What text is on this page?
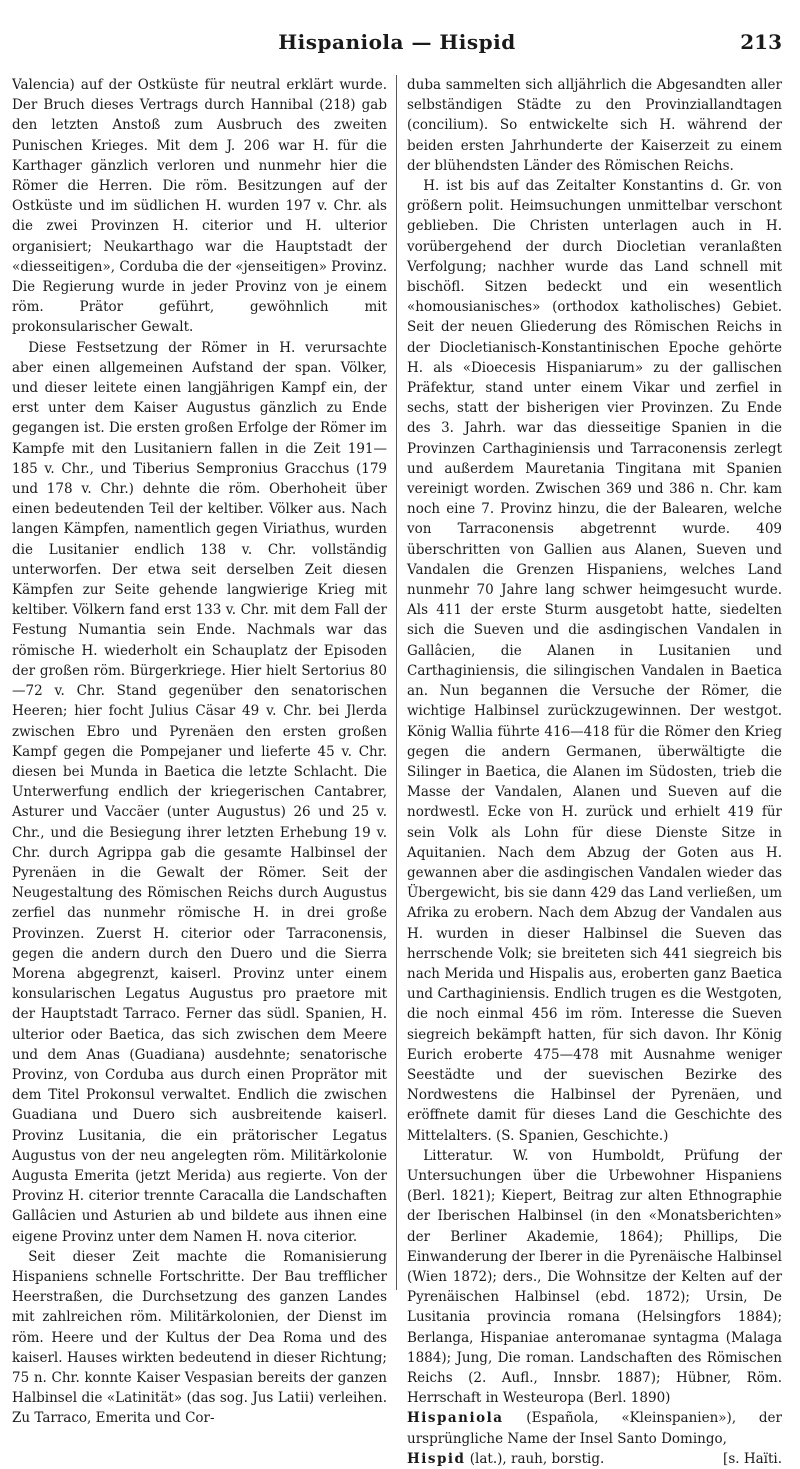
Hispaniola — Hispid	213

Valencia) auf der Ostküste für neutral erklärt wurde. Der Bruch dieses Vertrags durch Hannibal (218) gab den letzten Anstoß zum Ausbruch des zweiten Punischen Krieges. Mit dem J. 206 war H. für die Karthager gänzlich verloren und nunmehr hier die Römer die Herren. Die röm. Besitzungen auf der Ostküste und im südlichen H. wurden 197 v. Chr. als die zwei Provinzen H. citerior und H. ulterior organisiert; Neukarthago war die Hauptstadt der «diesseitigen», Corduba die der «jenseitigen» Provinz. Die Regierung wurde in jeder Provinz von je einem röm. Prätor geführt, gewöhnlich mit prokonsularischer Gewalt.

Diese Festsetzung der Römer in H. verursachte aber einen allgemeinen Aufstand der span. Völker, und dieser leitete einen langjährigen Kampf ein, der erst unter dem Kaiser Augustus gänzlich zu Ende gegangen ist. Die ersten großen Erfolge der Römer im Kampfe mit den Lusitaniern fallen in die Zeit 191—185 v. Chr., und Tiberius Sempronius Gracchus (179 und 178 v. Chr.) dehnte die röm. Oberhoheit über einen bedeutenden Teil der keltiber. Völker aus. Nach langen Kämpfen, namentlich gegen Viriathus, wurden die Lusitanier endlich 138 v. Chr. vollständig unterworfen. Der etwa seit derselben Zeit diesen Kämpfen zur Seite gehende langwierige Krieg mit keltiber. Völkern fand erst 133 v. Chr. mit dem Fall der Festung Numantia sein Ende. Nachmals war das römische H. wiederholt ein Schauplatz der Episoden der großen röm. Bürgerkriege. Hier hielt Sertorius 80—72 v. Chr. Stand gegenüber den senatorischen Heeren; hier focht Julius Cäsar 49 v. Chr. bei Jlerda zwischen Ebro und Pyrenäen den ersten großen Kampf gegen die Pompejaner und lieferte 45 v. Chr. diesen bei Munda in Baetica die letzte Schlacht. Die Unterwerfung endlich der kriegerischen Cantabrer, Asturer und Vaccäer (unter Augustus) 26 und 25 v. Chr., und die Besiegung ihrer letzten Erhebung 19 v. Chr. durch Agrippa gab die gesamte Halbinsel der Pyrenäen in die Gewalt der Römer. Seit der Neugestaltung des Römischen Reichs durch Augustus zerfiel das nunmehr römische H. in drei große Provinzen. Zuerst H. citerior oder Tarraconensis, gegen die andern durch den Duero und die Sierra Morena abgegrenzt, kaiserl. Provinz unter einem konsularischen Legatus Augustus pro praetore mit der Hauptstadt Tarraco. Ferner das südl. Spanien, H. ulterior oder Baetica, das sich zwischen dem Meere und dem Anas (Guadiana) ausdehnte; senatorische Provinz, von Corduba aus durch einen Proprätor mit dem Titel Prokonsul verwaltet. Endlich die zwischen Guadiana und Duero sich ausbreitende kaiserl. Provinz Lusitania, die ein prätorischer Legatus Augustus von der neu angelegten röm. Militärkolonie Augusta Emerita (jetzt Merida) aus regierte. Von der Provinz H. citerior trennte Caracalla die Landschaften Gallâcien und Asturien ab und bildete aus ihnen eine eigene Provinz unter dem Namen H. nova citerior.

Seit dieser Zeit machte die Romanisierung Hispaniens schnelle Fortschritte. Der Bau trefflicher Heerstraßen, die Durchsetzung des ganzen Landes mit zahlreichen röm. Militärkolonien, der Dienst im röm. Heere und der Kultus der Dea Roma und des kaiserl. Hauses wirkten bedeutend in dieser Richtung; 75 n. Chr. konnte Kaiser Vespasian bereits der ganzen Halbinsel die «Latinität» (das sog. Jus Latii) verleihen. Zu Tarraco, Emerita und Cor-

duba sammelten sich alljährlich die Abgesandten aller selbständigen Städte zu den Provinziallandtagen (concilium). So entwickelte sich H. während der beiden ersten Jahrhunderte der Kaiserzeit zu einem der blühendsten Länder des Römischen Reichs.

H. ist bis auf das Zeitalter Konstantins d. Gr. von größern polit. Heimsuchungen unmittelbar verschont geblieben. Die Christen unterlagen auch in H. vorübergehend der durch Diocletian veranlaßten Verfolgung; nachher wurde das Land schnell mit bischöfl. Sitzen bedeckt und ein wesentlich «homousianisches» (orthodox katholisches) Gebiet. Seit der neuen Gliederung des Römischen Reichs in der Diocletianisch-Konstantinischen Epoche gehörte H. als «Dioecesis Hispaniarum» zu der gallischen Präfektur, stand unter einem Vikar und zerfiel in sechs, statt der bisherigen vier Provinzen. Zu Ende des 3. Jahrh. war das diesseitige Spanien in die Provinzen Carthaginiensis und Tarraconensis zerlegt und außerdem Mauretania Tingitana mit Spanien vereinigt worden. Zwischen 369 und 386 n. Chr. kam noch eine 7. Provinz hinzu, die der Balearen, welche von Tarraconensis abgetrennt wurde. 409 überschritten von Gallien aus Alanen, Sueven und Vandalen die Grenzen Hispaniens, welches Land nunmehr 70 Jahre lang schwer heimgesucht wurde. Als 411 der erste Sturm ausgetobt hatte, siedelten sich die Sueven und die asdingischen Vandalen in Gallâcien, die Alanen in Lusitanien und Carthaginiensis, die silingischen Vandalen in Baetica an. Nun begannen die Versuche der Römer, die wichtige Halbinsel zurückzugewinnen. Der westgot. König Wallia führte 416—418 für die Römer den Krieg gegen die andern Germanen, überwältigte die Silinger in Baetica, die Alanen im Südosten, trieb die Masse der Vandalen, Alanen und Sueven auf die nordwestl. Ecke von H. zurück und erhielt 419 für sein Volk als Lohn für diese Dienste Sitze in Aquitanien. Nach dem Abzug der Goten aus H. gewannen aber die asdingischen Vandalen wieder das Übergewicht, bis sie dann 429 das Land verließen, um Afrika zu erobern. Nach dem Abzug der Vandalen aus H. wurden in dieser Halbinsel die Sueven das herrschende Volk; sie breiteten sich 441 siegreich bis nach Merida und Hispalis aus, eroberten ganz Baetica und Carthaginiensis. Endlich trugen es die Westgoten, die noch einmal 456 im röm. Interesse die Sueven siegreich bekämpft hatten, für sich davon. Ihr König Eurich eroberte 475—478 mit Ausnahme weniger Seestädte und der suevischen Bezirke des Nordwestens die Halbinsel der Pyrenäen, und eröffnete damit für dieses Land die Geschichte des Mittelalters. (S. Spanien, Geschichte.)

Litteratur. W. von Humboldt, Prüfung der Untersuchungen über die Urbewohner Hispaniens (Berl. 1821); Kiepert, Beitrag zur alten Ethnographie der Iberischen Halbinsel (in den «Monatsberichten» der Berliner Akademie, 1864); Phillips, Die Einwanderung der Iberer in die Pyrenäische Halbinsel (Wien 1872); ders., Die Wohnsitze der Kelten auf der Pyrenäischen Halbinsel (ebd. 1872); Ursin, De Lusitania provincia romana (Helsingfors 1884); Berlanga, Hispaniae anteromanae syntagma (Malaga 1884); Jung, Die roman. Landschaften des Römischen Reichs (2. Aufl., Innsbr. 1887); Hübner, Röm. Herrschaft in Westeuropa (Berl. 1890)

Hispaniola (Española, «Kleinspanien»), der ursprüngliche Name der Insel Santo Domingo,

Hispid (lat.), rauh, borstig.	[s. Haïti.
